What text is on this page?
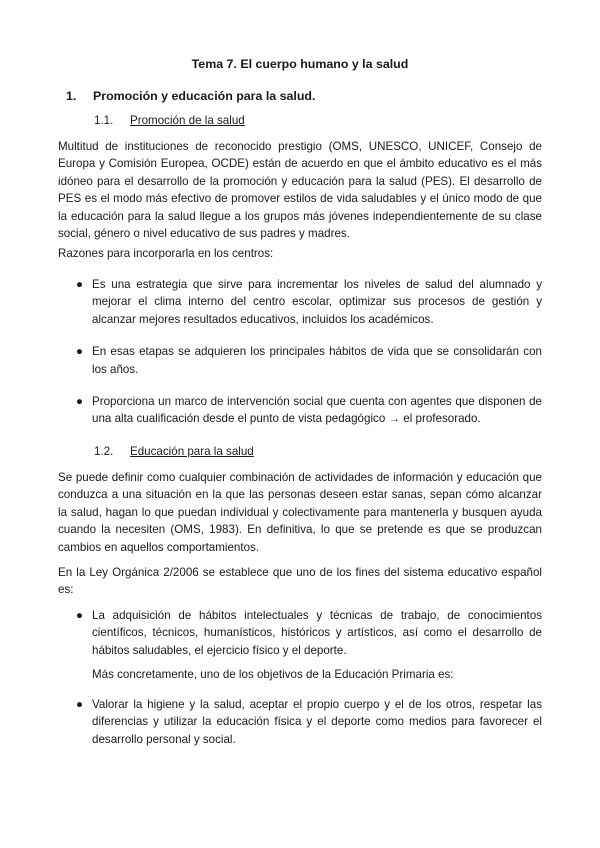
Tema 7. El cuerpo humano y la salud
1. Promoción y educación para la salud.
1.1. Promoción de la salud

Multitud de instituciones de reconocido prestigio (OMS, UNESCO, UNICEF, Consejo de Europa y Comisión Europea, OCDE) están de acuerdo en que el ámbito educativo es el más idóneo para el desarrollo de la promoción y educación para la salud (PES). El desarrollo de PES es el modo más efectivo de promover estilos de vida saludables y el único modo de que la educación para la salud llegue a los grupos más jóvenes independientemente de su clase social, género o nivel educativo de sus padres y madres.

Razones para incorporarla en los centros:

● Es una estrategia que sirve para incrementar los niveles de salud del alumnado y mejorar el clima interno del centro escolar, optimizar sus procesos de gestión y alcanzar mejores resultados educativos, incluidos los académicos.
● En esas etapas se adquieren los principales hábitos de vida que se consolidarán con los años.
● Proporciona un marco de intervención social que cuenta con agentes que disponen de una alta cualificación desde el punto de vista pedagógico → el profesorado.
1.2. Educación para la salud

Se puede definir como cualquier combinación de actividades de información y educación que conduzca a una situación en la que las personas deseen estar sanas, sepan cómo alcanzar la salud, hagan lo que puedan individual y colectivamente para mantenerla y busquen ayuda cuando la necesiten (OMS, 1983). En definitiva, lo que se pretende es que se produzcan cambios en aquellos comportamientos.

En la Ley Orgánica 2/2006 se establece que uno de los fines del sistema educativo español es:

● La adquisición de hábitos intelectuales y técnicas de trabajo, de conocimientos científicos, técnicos, humanísticos, históricos y artísticos, así como el desarrollo de hábitos saludables, el ejercicio físico y el deporte.

Más concretamente, uno de los objetivos de la Educación Primaria es:

● Valorar la higiene y la salud, aceptar el propio cuerpo y el de los otros, respetar las diferencias y utilizar la educación física y el deporte como medios para favorecer el desarrollo personal y social.
